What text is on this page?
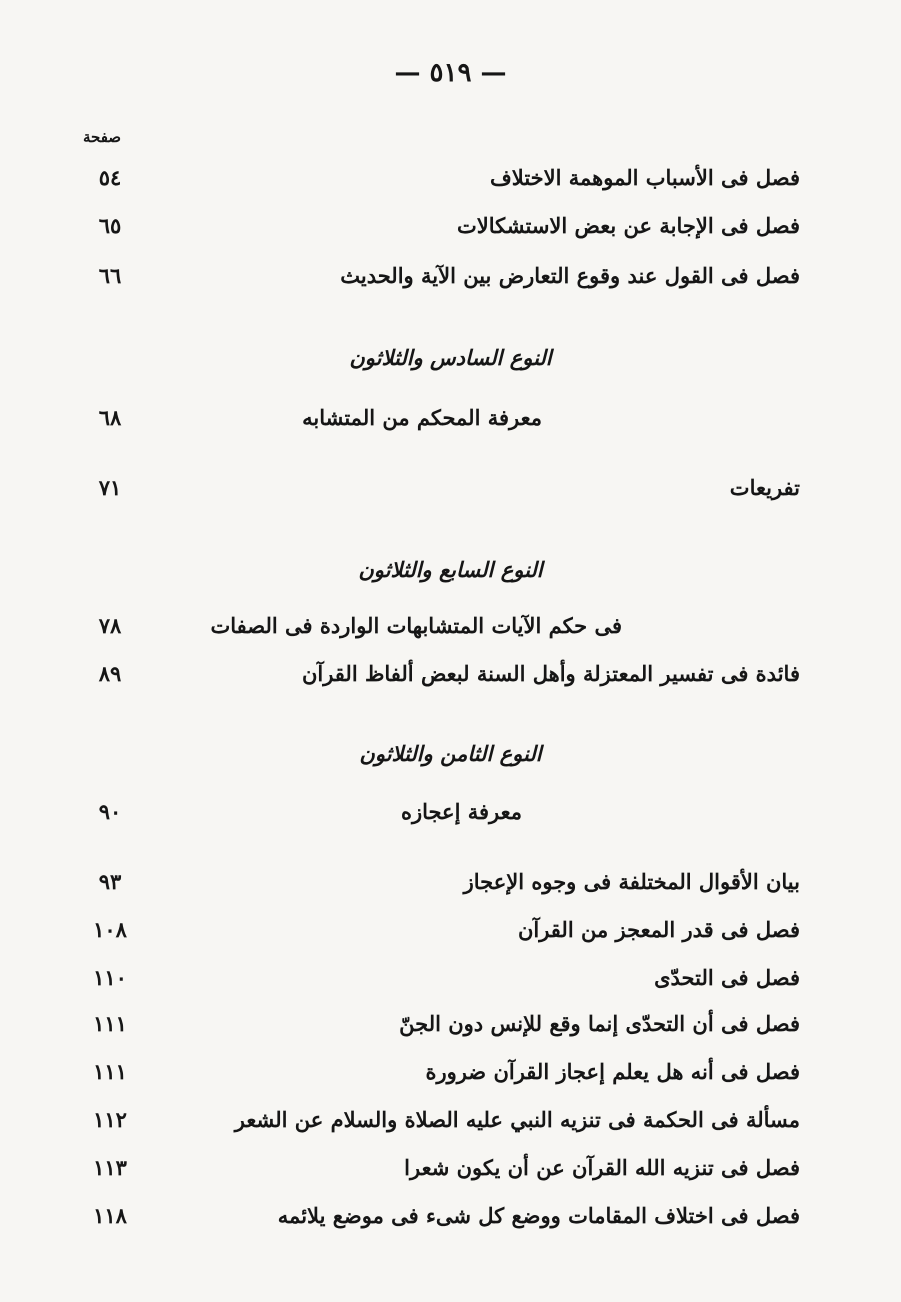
— ٥١٩ —
صفحة
فصل فى الأسباب الموهمة الاختلاف
٥٤
فصل فى الإجابة عن بعض الاستشكالات
٦٥
فصل فى القول عند وقوع التعارض بين الآية والحديث
٦٦
النوع السادس والثلاثون
معرفة المحكم من المتشابه
٦٨
تفريعات
٧١
النوع السابع والثلاثون
فى حكم الآيات المتشابهات الواردة فى الصفات
٧٨
فائدة فى تفسير المعتزلة وأهل السنة لبعض ألفاظ القرآن
٨٩
النوع الثامن والثلاثون
معرفة إعجازه
٩٠
بيان الأقوال المختلفة فى وجوه الإعجاز
٩٣
فصل فى قدر المعجز من القرآن
١٠٨
فصل فى التحدّى
١١٠
فصل فى أن التحدّى إنما وقع للإنس دون الجنّ
١١١
فصل فى أنه هل يعلم إعجاز القرآن ضرورة
١١١
مسألة فى الحكمة فى تنزيه النبي عليه الصلاة والسلام عن الشعر
١١٢
فصل فى تنزيه الله القرآن عن أن يكون شعرا
١١٣
فصل فى اختلاف المقامات ووضع كل شىء فى موضع يلائمه
١١٨
